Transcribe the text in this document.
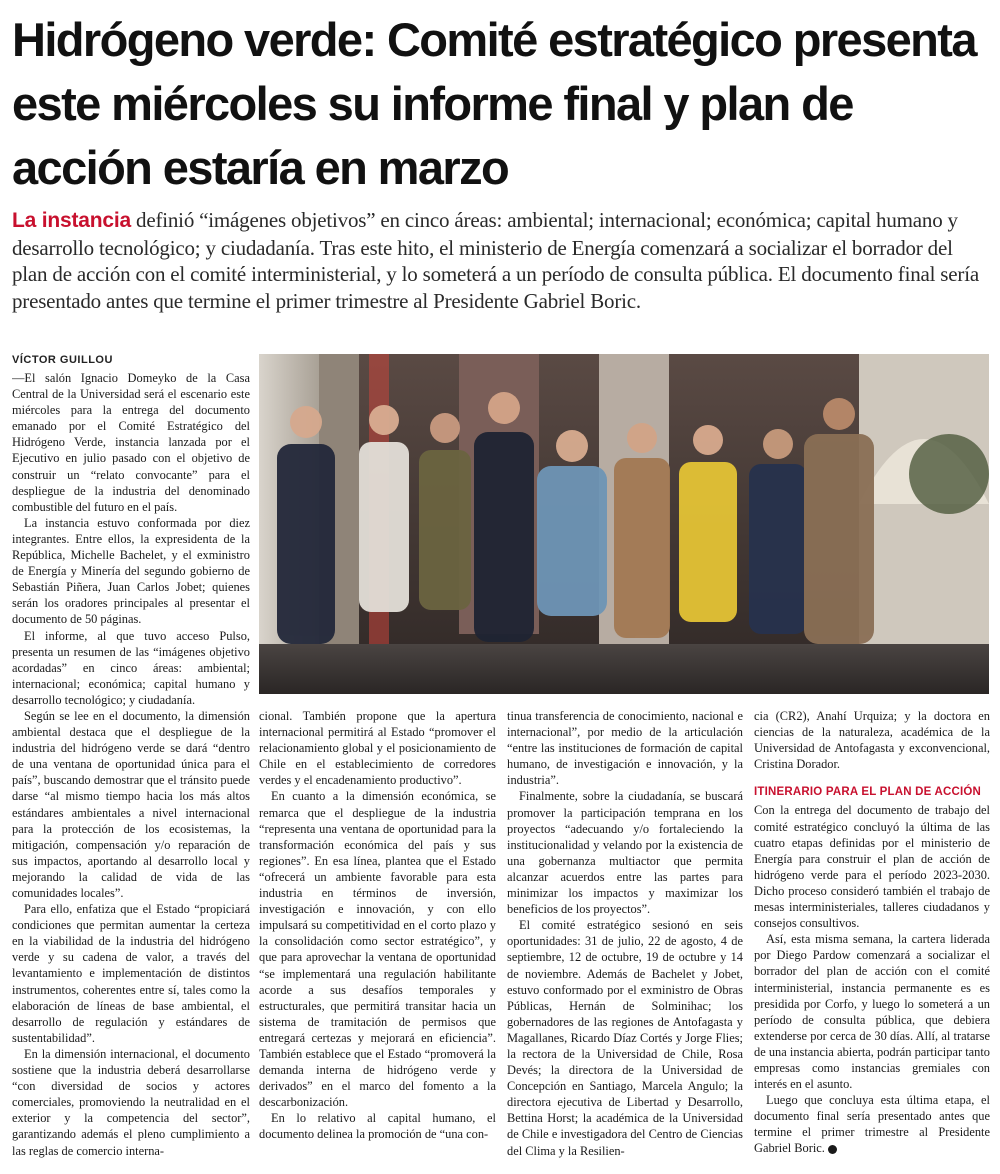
Hidrógeno verde: Comité estratégico presenta este miércoles su informe final y plan de acción estaría en marzo

La instancia definió “imágenes objetivos” en cinco áreas: ambiental; internacional; económica; capital humano y desarrollo tecnológico; y ciudadanía. Tras este hito, el ministerio de Energía comenzará a socializar el borrador del plan de acción con el comité interministerial, y lo someterá a un período de consulta pública. El documento final sería presentado antes que termine el primer trimestre al Presidente Gabriel Boric.

VÍCTOR GUILLOU

—El salón Ignacio Domeyko de la Casa Central de la Universidad será el escenario este miércoles para la entrega del documento emanado por el Comité Estratégico del Hidrógeno Verde, instancia lanzada por el Ejecutivo en julio pasado con el objetivo de construir un “relato convocante” para el despliegue de la industria del denominado combustible del futuro en el país.

La instancia estuvo conformada por diez integrantes. Entre ellos, la expresidenta de la República, Michelle Bachelet, y el exministro de Energía y Minería del segundo gobierno de Sebastián Piñera, Juan Carlos Jobet; quienes serán los oradores principales al presentar el documento de 50 páginas.

El informe, al que tuvo acceso Pulso, presenta un resumen de las “imágenes objetivo acordadas” en cinco áreas: ambiental; internacional; económica; capital humano y desarrollo tecnológico; y ciudadanía.

Según se lee en el documento, la dimensión ambiental destaca que el despliegue de la industria del hidrógeno verde se dará “dentro de una ventana de oportunidad única para el país”, buscando demostrar que el tránsito puede darse “al mismo tiempo hacia los más altos estándares ambientales a nivel internacional para la protección de los ecosistemas, la mitigación, compensación y/o reparación de sus impactos, aportando al desarrollo local y mejorando la calidad de vida de las comunidades locales”.

Para ello, enfatiza que el Estado “propiciará condiciones que permitan aumentar la certeza en la viabilidad de la industria del hidrógeno verde y su cadena de valor, a través del levantamiento e implementación de distintos instrumentos, coherentes entre sí, tales como la elaboración de líneas de base ambiental, el desarrollo de regulación y estándares de sustentabilidad”.

En la dimensión internacional, el documento sostiene que la industria deberá desarrollarse “con diversidad de socios y actores comerciales, promoviendo la neutralidad en el exterior y la competencia del sector”, garantizando además el pleno cumplimiento a las reglas de comercio interna-

cional. También propone que la apertura internacional permitirá al Estado “promover el relacionamiento global y el posicionamiento de Chile en el establecimiento de corredores verdes y el encadenamiento productivo”.

En cuanto a la dimensión económica, se remarca que el despliegue de la industria “representa una ventana de oportunidad para la transformación económica del país y sus regiones”. En esa línea, plantea que el Estado “ofrecerá un ambiente favorable para esta industria en términos de inversión, investigación e innovación, y con ello impulsará su competitividad en el corto plazo y la consolidación como sector estratégico”, y que para aprovechar la ventana de oportunidad “se implementará una regulación habilitante acorde a sus desafíos temporales y estructurales, que permitirá transitar hacia un sistema de tramitación de permisos que entregará certezas y mejorará en eficiencia”. También establece que el Estado “promoverá la demanda interna de hidrógeno verde y derivados” en el marco del fomento a la descarbonización.

En lo relativo al capital humano, el documento delinea la promoción de “una con-

tinua transferencia de conocimiento, nacional e internacional”, por medio de la articulación “entre las instituciones de formación de capital humano, de investigación e innovación, y la industria”.

Finalmente, sobre la ciudadanía, se buscará promover la participación temprana en los proyectos “adecuando y/o fortaleciendo la institucionalidad y velando por la existencia de una gobernanza multiactor que permita alcanzar acuerdos entre las partes para minimizar los impactos y maximizar los beneficios de los proyectos”.

El comité estratégico sesionó en seis oportunidades: 31 de julio, 22 de agosto, 4 de septiembre, 12 de octubre, 19 de octubre y 14 de noviembre. Además de Bachelet y Jobet, estuvo conformado por el exministro de Obras Públicas, Hernán de Solminihac; los gobernadores de las regiones de Antofagasta y Magallanes, Ricardo Díaz Cortés y Jorge Flies; la rectora de la Universidad de Chile, Rosa Devés; la directora de la Universidad de Concepción en Santiago, Marcela Angulo; la directora ejecutiva de Libertad y Desarrollo, Bettina Horst; la académica de la Universidad de Chile e investigadora del Centro de Ciencias del Clima y la Resilien-

cia (CR2), Anahí Urquiza; y la doctora en ciencias de la naturaleza, académica de la Universidad de Antofagasta y exconvencional, Cristina Dorador.

ITINERARIO PARA EL PLAN DE ACCIÓN

Con la entrega del documento de trabajo del comité estratégico concluyó la última de las cuatro etapas definidas por el ministerio de Energía para construir el plan de acción de hidrógeno verde para el período 2023-2030. Dicho proceso consideró también el trabajo de mesas interministeriales, talleres ciudadanos y consejos consultivos.

Así, esta misma semana, la cartera liderada por Diego Pardow comenzará a socializar el borrador del plan de acción con el comité interministerial, instancia permanente es es presidida por Corfo, y luego lo someterá a un período de consulta pública, que debiera extenderse por cerca de 30 días. Allí, al tratarse de una instancia abierta, podrán participar tanto empresas como instancias gremiales con interés en el asunto.

Luego que concluya esta última etapa, el documento final sería presentado antes que termine el primer trimestre al Presidente Gabriel Boric.
